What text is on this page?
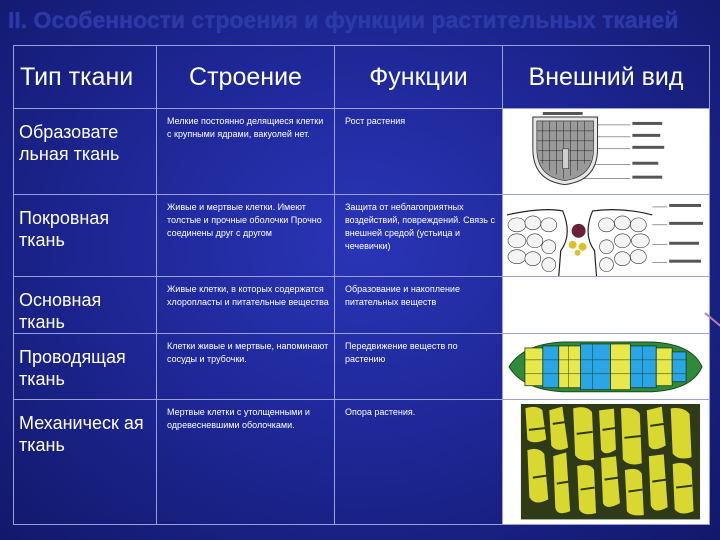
II. Особенности строения и функции растительных тканей
Тип ткани	Строение	Функции	Внешний вид
Образовате льная ткань	Мелкие постоянно делящиеся клетки с крупными ядрами, вакуолей нет.	Рост растения	

Покровная ткань	Живые и мертвые клетки. Имеют толстые и прочные оболочки Прочно соединены друг с другом	Защита от неблагоприятных воздействий, повреждений. Связь с внешней средой (устьица и чечевички)	

Основная ткань	Живые клетки, в которых содержатся хлоропласты и питательные вещества	Образование и накопление питательных веществ	
Проводящая ткань	Клетки живые и мертвые, напоминают сосуды и трубочки.	Передвижение веществ по растению	

Механическ ая ткань	Мертвые клетки с утолщенными и одревесневшими оболочками.	Опора растения.	
